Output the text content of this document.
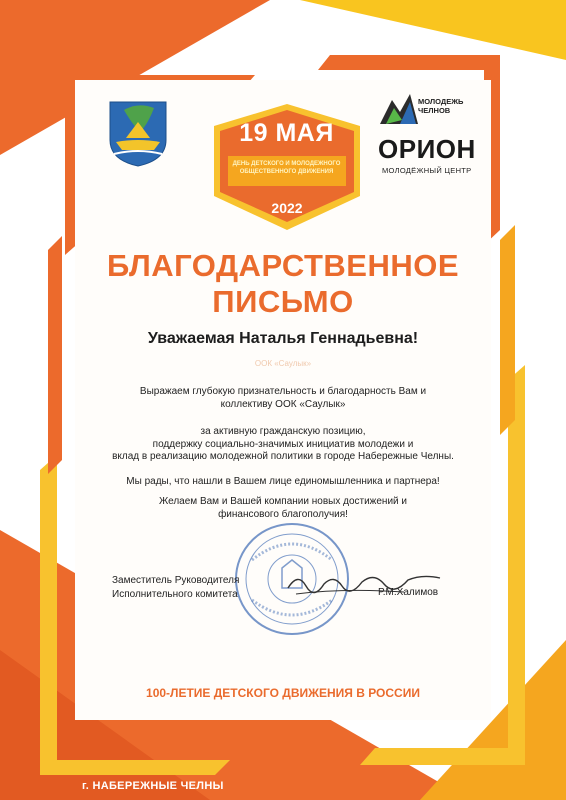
19 МАЯ
ДЕНЬ ДЕТСКОГО И МОЛОДЕЖНОГО ОБЩЕСТВЕННОГО ДВИЖЕНИЯ
2022
МОЛОДЕЖЬ ЧЕЛНОВ
ОРИОН
МОЛОДЁЖНЫЙ ЦЕНТР
БЛАГОДАРСТВЕННОЕ
ПИСЬМО
Уважаемая Наталья Геннадьевна!
ООК «Саулык»
Выражаем глубокую признательность и благодарность Вам и
коллективу ООК «Саулык»
за активную гражданскую позицию,
поддержку социально-значимых инициатив молодежи и
вклад в реализацию молодежной политики в городе Набережные Челны.
Мы рады, что нашли в Вашем лице единомышленника и партнера!
Желаем Вам и Вашей компании новых достижений и
финансового благополучия!
Заместитель Руководителя
Исполнительного комитета	Р.М.Халимов
100-ЛЕТИЕ ДЕТСКОГО ДВИЖЕНИЯ В РОССИИ
г. НАБЕРЕЖНЫЕ ЧЕЛНЫ
